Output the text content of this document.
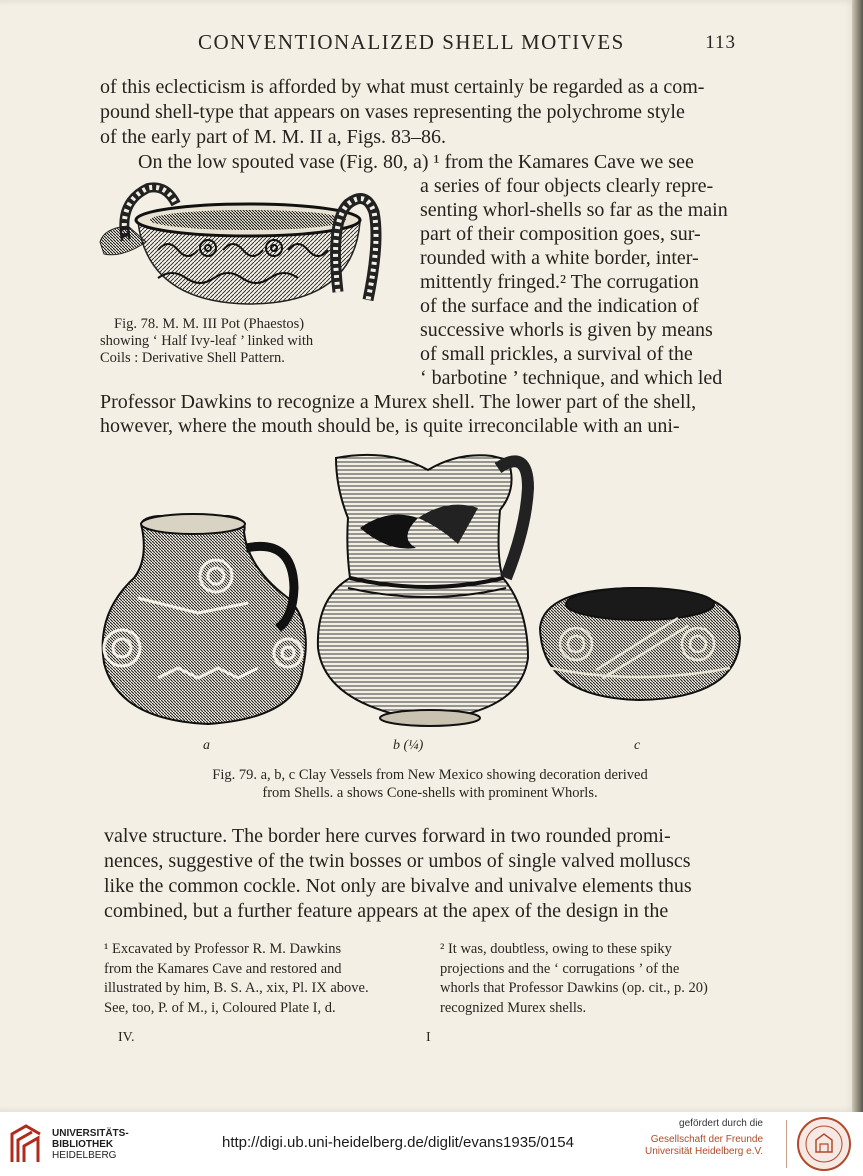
CONVENTIONALIZED SHELL MOTIVES	113
of this eclecticism is afforded by what must certainly be regarded as a com-
pound shell-type that appears on vases representing the polychrome style
of the early part of M. M. II a, Figs. 83–86.
On the low spouted vase (Fig. 80, a) ¹ from the Kamares Cave we see
a series of four objects clearly repre-
senting whorl-shells so far as the main
part of their composition goes, sur-
rounded with a white border, inter-
mittently fringed.² The corrugation
of the surface and the indication of
successive whorls is given by means
of small prickles, a survival of the
‘ barbotine ’ technique, and which led
Professor Dawkins to recognize a Murex shell. The lower part of the shell,
however, where the mouth should be, is quite irreconcilable with an uni-
Fig. 78. M. M. III Pot (Phaestos)
showing ‘ Half Ivy-leaf ’ linked with
Coils : Derivative Shell Pattern.
a	b (¼)	c
Fig. 79. a, b, c Clay Vessels from New Mexico showing decoration derived
from Shells. a shows Cone-shells with prominent Whorls.
valve structure. The border here curves forward in two rounded promi-
nences, suggestive of the twin bosses or umbos of single valved molluscs
like the common cockle. Not only are bivalve and univalve elements thus
combined, but a further feature appears at the apex of the design in the
¹ Excavated by Professor R. M. Dawkins
from the Kamares Cave and restored and
illustrated by him, B. S. A., xix, Pl. IX above.
See, too, P. of M., i, Coloured Plate I, d.
² It was, doubtless, owing to these spiky
projections and the ‘ corrugations ’ of the
whorls that Professor Dawkins (op. cit., p. 20)
recognized Murex shells.
IV.	I
UNIVERSITÄTS-
BIBLIOTHEK
HEIDELBERG
http://digi.ub.uni-heidelberg.de/diglit/evans1935/0154
gefördert durch die
Gesellschaft der Freunde
Universität Heidelberg e.V.
